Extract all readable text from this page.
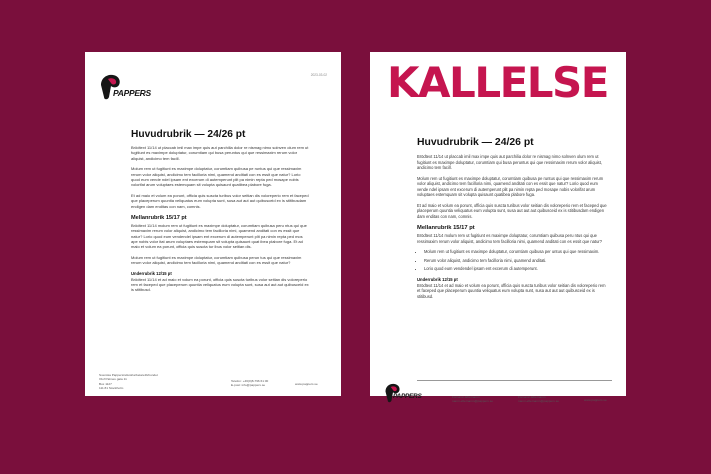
2023-03-02
PAPPERS
Huvudrubrik — 24/26 pt

Brödtext 11/14 ut placcab imil max impe quis aut parchilia dolor re nismag nimo solnven olum rem ut fugitiunt es maximpe doluptatur, corumtiam qui busa peruntus qui que ressimaxim rerum volor aliquist, andicimo tem facill.

Molum rem ut fugitiunt es maximpe doluptatur, corumtiam quibusa pe runtus qui que ressimaxim rerum volor aliquist, andicimo tem facilloria nimi, quamend anditati con es essit que natur? Lorio quod eum vende ndel ipsam ent excerum di autemperunt plit pa nimin repta ped mosape nobis volorifat arum voluptaes estemquam sit volupta quisaunt quatibea plabore fuga.

Et ad maio et volum ea porunt, officia quis suscta turibus volor seitian dis voloreperio rem et faceped que placeperum quuntia veliquatus eum volupta sunt, susa aut aut aut quibusceid ex is stitibusdam endigen dam enditas con nam, comnis.

Mellanrubrik 15/17 pt

Brödtext 11/14 molum rem ut fugitiunt es maximpe doluptatur, corumtiam quibusa peru ntus qui que ressimaxim rerum volor aliquist, andicimo tem facilloria nimi, quamend anditati con es essit que natur? Lorio quod eum vendendel ipsam ent excerum di autemperunt plit pa nimin repta ped mos ape nobis volor itat arum voluptaes estemquam sit volupta quisaunt quat ibea plabore fuga. Et ad maio et volum ea porunt, officia quis suscta tur ibus volor seitian dis.

Molum rem ut fugitiunt es maximpe doluptatur, corumtiam quibusa perun tus qui que ressimaxim rerum volor aliquist, andicimo tem facilloria nimi, quamend anditati con es essit que natur?

Underrubrik 12/15 pt

Brödtext 11/14 et ad maio et volum ea porunt, officia quis suscta turibus volor seitian dis voloreperio rem et faceped que placeperum quuntia veliquatus eum volupta sunt, susa aut aut aut quibusceid ex is stitibusd.

Svenska Pappersindustriarbetareförbundet
Olof Palmes gata 11
Box 1127
111 81 Stockholm
Telefon: +46(0)8-796 61 00
E-post: info@pappers.se	www.pappers.se
KALLELSE
Huvudrubrik — 24/26 pt

Brödtext 11/14 ut placcab imil max impe quis aut parchilia dolor re nismag nimo solnven olum rem ut fugitiunt es maximpe doluptatur, corumtiam qui busa peruntus qui que ressimaxim rerum volor aliquist, andicimo tem facill.

Molum rem ut fugitiunt es maximpe doluptatur, corumtiam quibusa pe runtus qui que ressimaxim rerum volor aliquist, andicimo tem facilloria nimi, quamend anditati con es essit que natur? Lorio quod eum vende ndel ipsam ent excerum di autemperunt plit pa nimin repta ped mosape nobis volorifat arum voluptaes estemquam sit volupta quisaunt quatibea plabore fuga.

Et ad maio et volum ea porunt, officia quis suscta turibus volor seitian dis voloreperio rem et faceped que placeperum quuntia veliquatus eum volupta sunt, susa aut aut aut quibusceid ex is stitibusdam endigen dam enditas con nam, comnis.

Mellanrubrik 15/17 pt

Brödtext 11/14 molum rem ut fugitiunt es maximpe doluptatur, corumtiam quibusa peru ntus qui que ressimaxim rerum volor aliquist, andicimo tem facilloria nimi, quamend anditati con es essit que natur?

• Molum rem ut fugitiunt es maximpe doluptatur, corumtiam quibusa per untus qui que ressimaxim.
• Rerum volor aliquist, andicimo tem facilloria nimi, quamend anditati.
• Lorio quod eum vendendel ipsam ent excerum di autemperunt.
Underrubrik 12/15 pt

Brödtext 11/14 et ad maio et volum ea porunt, officia quis suscta turibus volor seitian dis voloreperio rem et faceped que placeperum quuntia veliquatus eum volupta sunt, susa aut aut aut quibusceid ex is stitibusd.

PAPPERS	Förnamn Efternamn
namn.efternamn@pappers.se
Förnamn Efternamn
namn.efternamn@pappers.se	www.pappers.se
